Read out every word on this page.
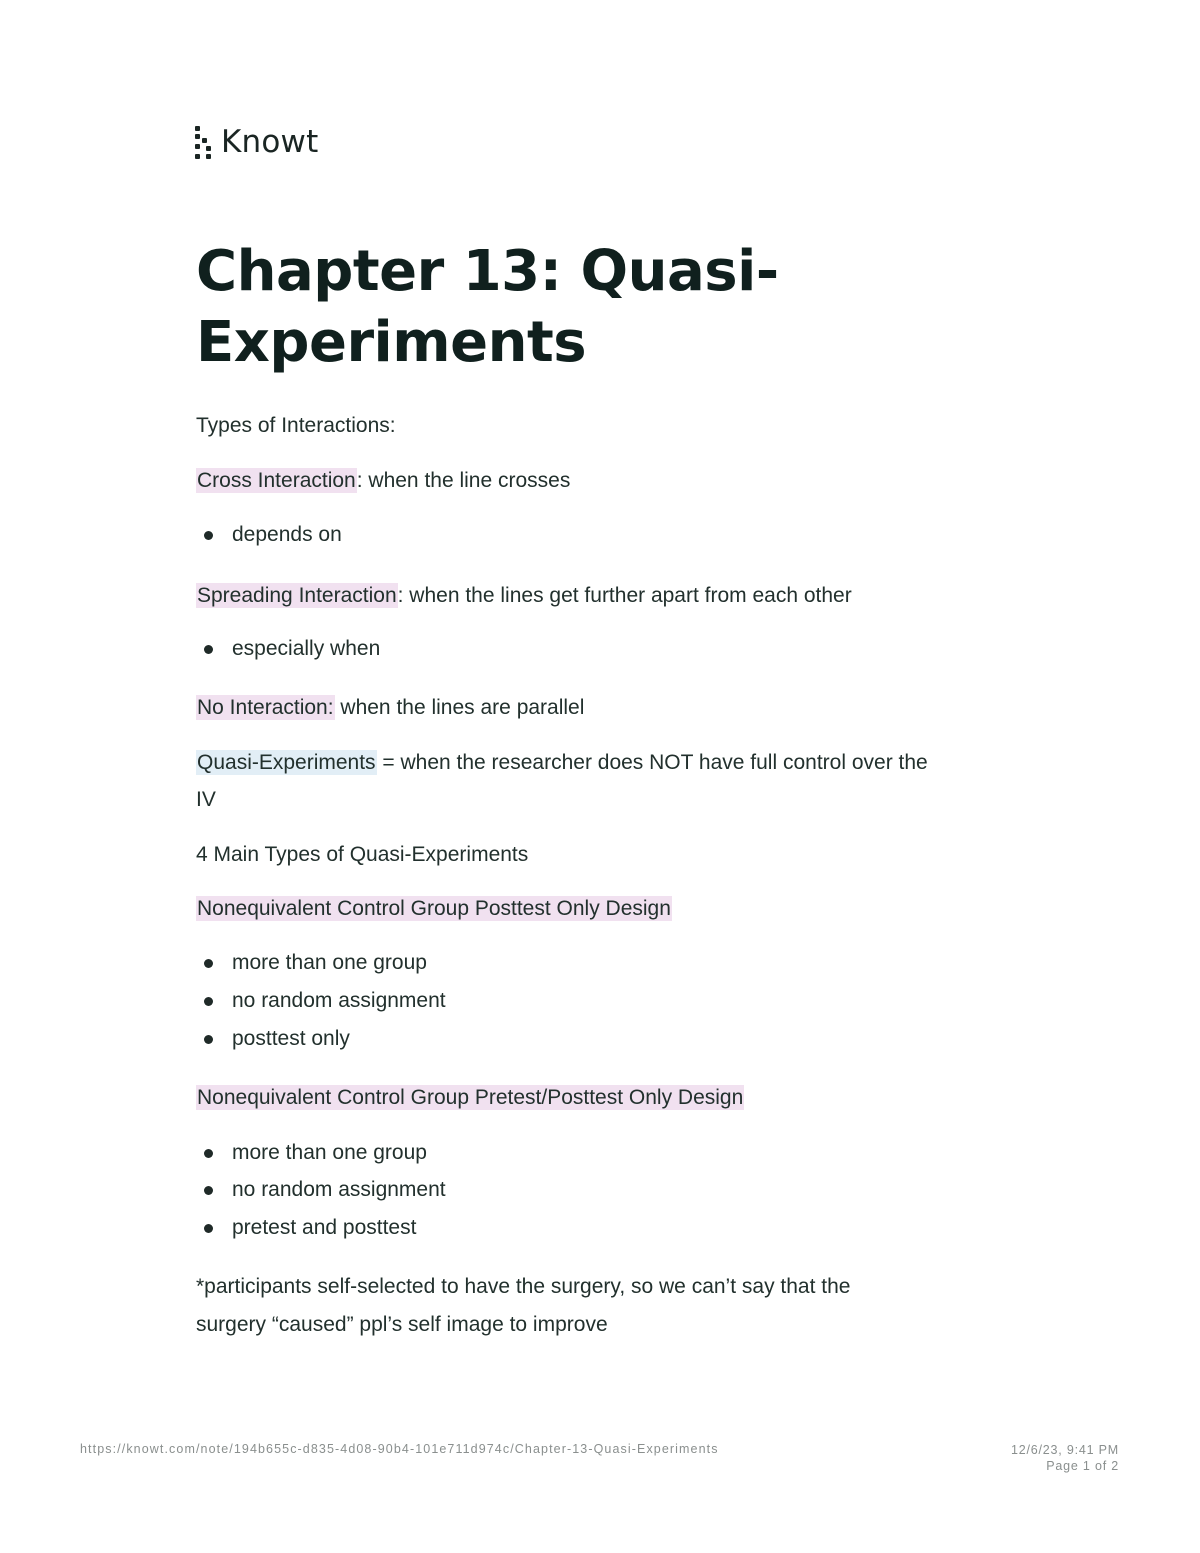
Knowt
Chapter 13: Quasi-Experiments
Types of Interactions:
Cross Interaction: when the line crosses
depends on
Spreading Interaction: when the lines get further apart from each other
especially when
No Interaction: when the lines are parallel
Quasi-Experiments = when the researcher does NOT have full control over the
IV
4 Main Types of Quasi-Experiments
Nonequivalent Control Group Posttest Only Design
more than one group
no random assignment
posttest only
Nonequivalent Control Group Pretest/Posttest Only Design
more than one group
no random assignment
pretest and posttest
*participants self-selected to have the surgery, so we can’t say that the
surgery “caused” ppl’s self image to improve
https://knowt.com/note/194b655c-d835-4d08-90b4-101e711d974c/Chapter-13-Quasi-Experiments	12/6/23, 9:41 PM
Page 1 of 2
